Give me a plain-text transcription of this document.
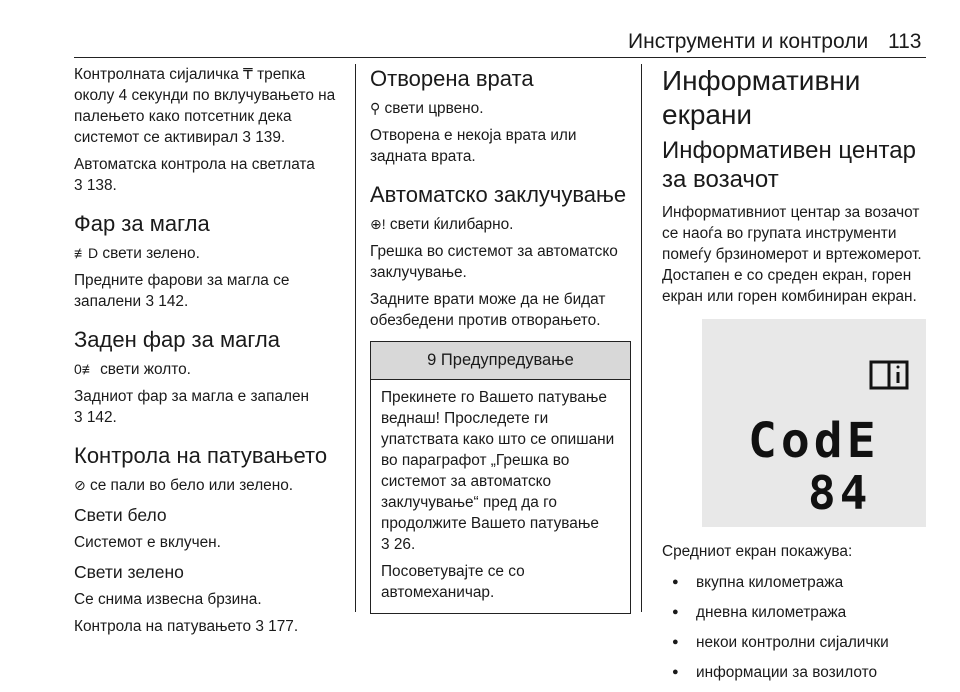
Инструменти и контроли 113

Контролната сијаличка ₸ трепка околу 4 секунди по вклучувањето на палењето како потсетник дека системот се активирал 3 139.

Автоматска контрола на светлата
3 138.

Фар за магла

≢D свети зелено.

Предните фарови за магла се запалени 3 142.

Заден фар за магла

0≢ свети жолто.

Задниот фар за магла е запален
3 142.

Контрола на патувањето

⊘ се пали во бело или зелено.

Свети бело

Системот е вклучен.

Свети зелено

Се снима извесна брзина.

Контрола на патувањето 3 177.

Отворена врата

⚲ свети црвено.

Отворена е некоја врата или задната врата.

Автоматско заклучување

⊕! свети ќилибарно.

Грешка во системот за автоматско заклучување.

Задните врати може да не бидат обезбедени против отворањето.

9 Предупредување

Прекинете го Вашето патување веднаш! Проследете ги упатствата како што се опишани во параграфот „Грешка во системот за автоматско заклучување“ пред да го продолжите Вашето патување
3 26.

Посоветувајте се со автомеханичар.

Информативни екрани
Информативен центар за возачот

Информативниот центар за возачот се наоѓа во групата инструменти помеѓу брзиномерот и вртежомерот. Достапен е со среден екран, горен екран или горен комбиниран екран.

CodE
84

Средниот екран покажува:

● вкупна километража
● дневна километража
● некои контролни сијалички
● информации за возилото
